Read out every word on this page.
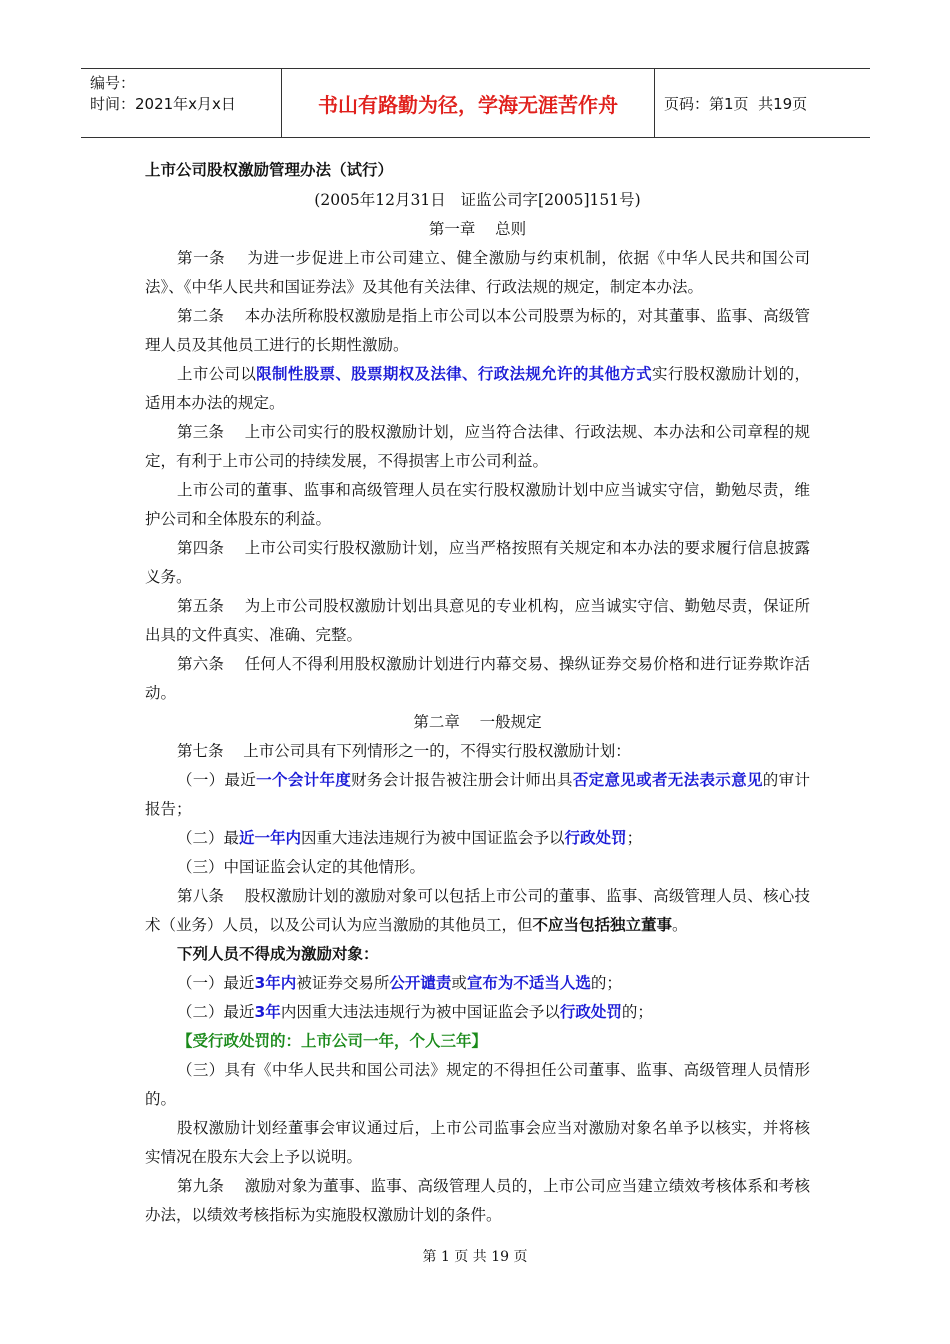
编号：
时间：2021年x月x日	书山有路勤为径，学海无涯苦作舟	页码：第1页  共19页

上市公司股权激励管理办法（试行）

(2005年12月31日   证监公司字[2005]151号)

第一章    总则

第一条 为进一步促进上市公司建立、健全激励与约束机制，依据《中华人民共和国公司法》、《中华人民共和国证券法》及其他有关法律、行政法规的规定，制定本办法。

第二条 本办法所称股权激励是指上市公司以本公司股票为标的，对其董事、监事、高级管理人员及其他员工进行的长期性激励。

上市公司以限制性股票、股票期权及法律、行政法规允许的其他方式实行股权激励计划的，适用本办法的规定。

第三条 上市公司实行的股权激励计划，应当符合法律、行政法规、本办法和公司章程的规定，有利于上市公司的持续发展，不得损害上市公司利益。

上市公司的董事、监事和高级管理人员在实行股权激励计划中应当诚实守信，勤勉尽责，维护公司和全体股东的利益。

第四条 上市公司实行股权激励计划，应当严格按照有关规定和本办法的要求履行信息披露义务。

第五条 为上市公司股权激励计划出具意见的专业机构，应当诚实守信、勤勉尽责，保证所出具的文件真实、准确、完整。

第六条 任何人不得利用股权激励计划进行内幕交易、操纵证券交易价格和进行证券欺诈活动。

第二章    一般规定

第七条 上市公司具有下列情形之一的，不得实行股权激励计划：

（一）最近一个会计年度财务会计报告被注册会计师出具否定意见或者无法表示意见的审计报告；

（二）最近一年内因重大违法违规行为被中国证监会予以行政处罚；

（三）中国证监会认定的其他情形。

第八条 股权激励计划的激励对象可以包括上市公司的董事、监事、高级管理人员、核心技术（业务）人员，以及公司认为应当激励的其他员工，但不应当包括独立董事。

下列人员不得成为激励对象：

（一）最近3年内被证券交易所公开谴责或宣布为不适当人选的；

（二）最近3年内因重大违法违规行为被中国证监会予以行政处罚的；

【受行政处罚的：上市公司一年，个人三年】

（三）具有《中华人民共和国公司法》规定的不得担任公司董事、监事、高级管理人员情形的。

股权激励计划经董事会审议通过后，上市公司监事会应当对激励对象名单予以核实，并将核实情况在股东大会上予以说明。

第九条 激励对象为董事、监事、高级管理人员的，上市公司应当建立绩效考核体系和考核办法，以绩效考核指标为实施股权激励计划的条件。

第 1 页 共 19 页
